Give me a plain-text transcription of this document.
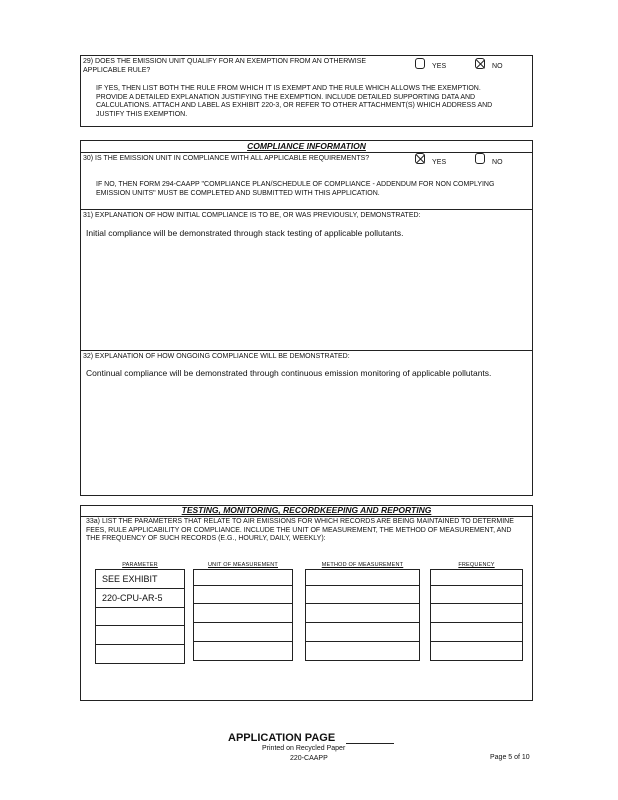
29) DOES THE EMISSION UNIT QUALIFY FOR AN EXEMPTION FROM AN OTHERWISE APPLICABLE RULE?	YES	NO
IF YES, THEN LIST BOTH THE RULE FROM WHICH IT IS EXEMPT AND THE RULE WHICH ALLOWS THE EXEMPTION. PROVIDE A DETAILED EXPLANATION JUSTIFYING THE EXEMPTION. INCLUDE DETAILED SUPPORTING DATA AND CALCULATIONS. ATTACH AND LABEL AS EXHIBIT 220-3, OR REFER TO OTHER ATTACHMENT(S) WHICH ADDRESS AND JUSTIFY THIS EXEMPTION.
COMPLIANCE INFORMATION
30) IS THE EMISSION UNIT IN COMPLIANCE WITH ALL APPLICABLE REQUIREMENTS?
YES	NO
IF NO, THEN FORM 294-CAAPP "COMPLIANCE PLAN/SCHEDULE OF COMPLIANCE - ADDENDUM FOR NON COMPLYING EMISSION UNITS" MUST BE COMPLETED AND SUBMITTED WITH THIS APPLICATION.
31) EXPLANATION OF HOW INITIAL COMPLIANCE IS TO BE, OR WAS PREVIOUSLY, DEMONSTRATED:
Initial compliance will be demonstrated through stack testing of applicable pollutants.
32) EXPLANATION OF HOW ONGOING COMPLIANCE WILL BE DEMONSTRATED:
Continual compliance will be demonstrated through continuous emission monitoring of applicable pollutants.
TESTING, MONITORING, RECORDKEEPING AND REPORTING
33a) LIST THE PARAMETERS THAT RELATE TO AIR EMISSIONS FOR WHICH RECORDS ARE BEING MAINTAINED TO DETERMINE FEES, RULE APPLICABILITY OR COMPLIANCE. INCLUDE THE UNIT OF MEASUREMENT, THE METHOD OF MEASUREMENT, AND THE FREQUENCY OF SUCH RECORDS (E.G., HOURLY, DAILY, WEEKLY):
PARAMETER	UNIT OF MEASUREMENT	METHOD OF MEASUREMENT	FREQUENCY
SEE EXHIBIT
220-CPU-AR-5
APPLICATION PAGE
Printed on Recycled Paper
220-CAAPP	Page 5 of 10
